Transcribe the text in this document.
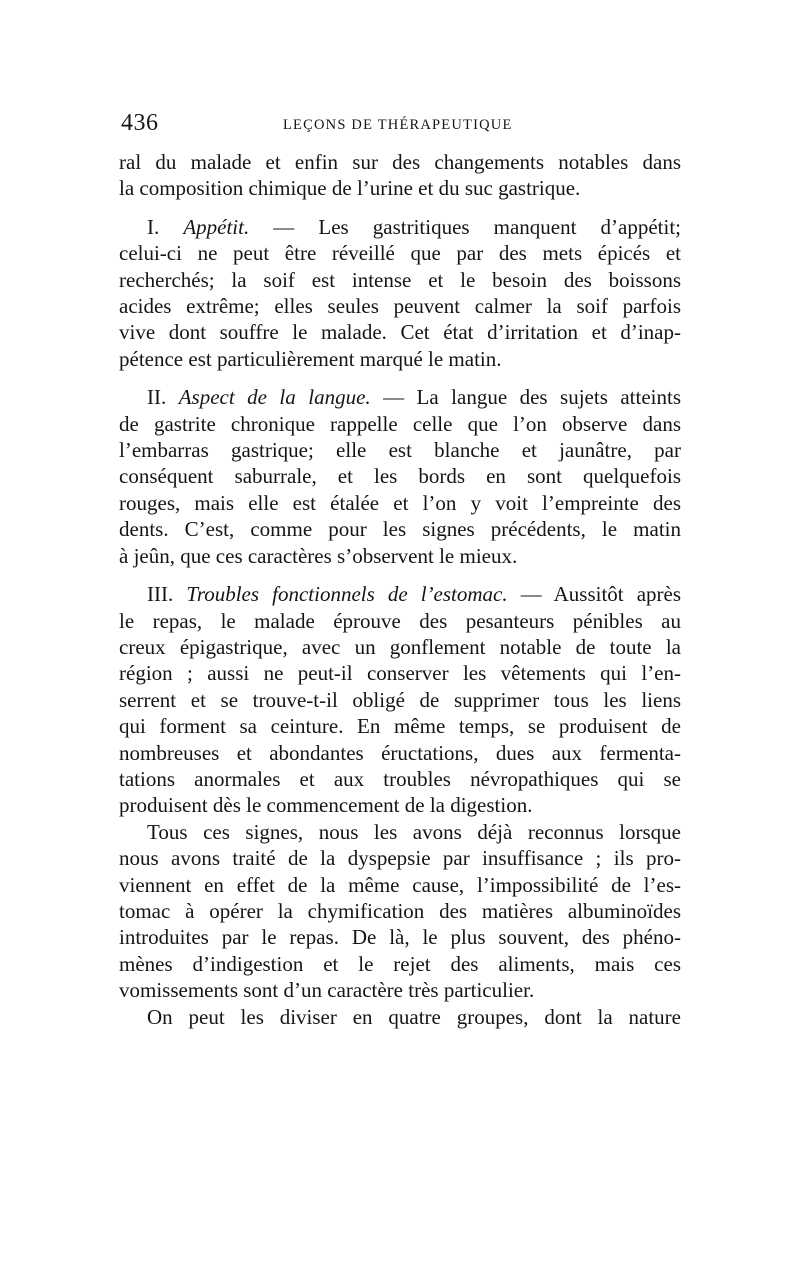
436	LEÇONS DE THÉRAPEUTIQUE
ral du malade et enfin sur des changements notables dans
la composition chimique de l’urine et du suc gastrique.
I. Appétit. — Les gastritiques manquent d’appétit;
celui-ci ne peut être réveillé que par des mets épicés et
recherchés; la soif est intense et le besoin des boissons
acides extrême; elles seules peuvent calmer la soif parfois
vive dont souffre le malade. Cet état d’irritation et d’inap-
pétence est particulièrement marqué le matin.
II. Aspect de la langue. — La langue des sujets atteints
de gastrite chronique rappelle celle que l’on observe dans
l’embarras gastrique; elle est blanche et jaunâtre, par
conséquent saburrale, et les bords en sont quelquefois
rouges, mais elle est étalée et l’on y voit l’empreinte des
dents. C’est, comme pour les signes précédents, le matin
à jeûn, que ces caractères s’observent le mieux.
III. Troubles fonctionnels de l’estomac. — Aussitôt après
le repas, le malade éprouve des pesanteurs pénibles au
creux épigastrique, avec un gonflement notable de toute la
région ; aussi ne peut-il conserver les vêtements qui l’en-
serrent et se trouve-t-il obligé de supprimer tous les liens
qui forment sa ceinture. En même temps, se produisent de
nombreuses et abondantes éructations, dues aux fermenta-
tations anormales et aux troubles névropathiques qui se
produisent dès le commencement de la digestion.
Tous ces signes, nous les avons déjà reconnus lorsque
nous avons traité de la dyspepsie par insuffisance ; ils pro-
viennent en effet de la même cause, l’impossibilité de l’es-
tomac à opérer la chymification des matières albuminoïdes
introduites par le repas. De là, le plus souvent, des phéno-
mènes d’indigestion et le rejet des aliments, mais ces
vomissements sont d’un caractère très particulier.
On peut les diviser en quatre groupes, dont la nature
